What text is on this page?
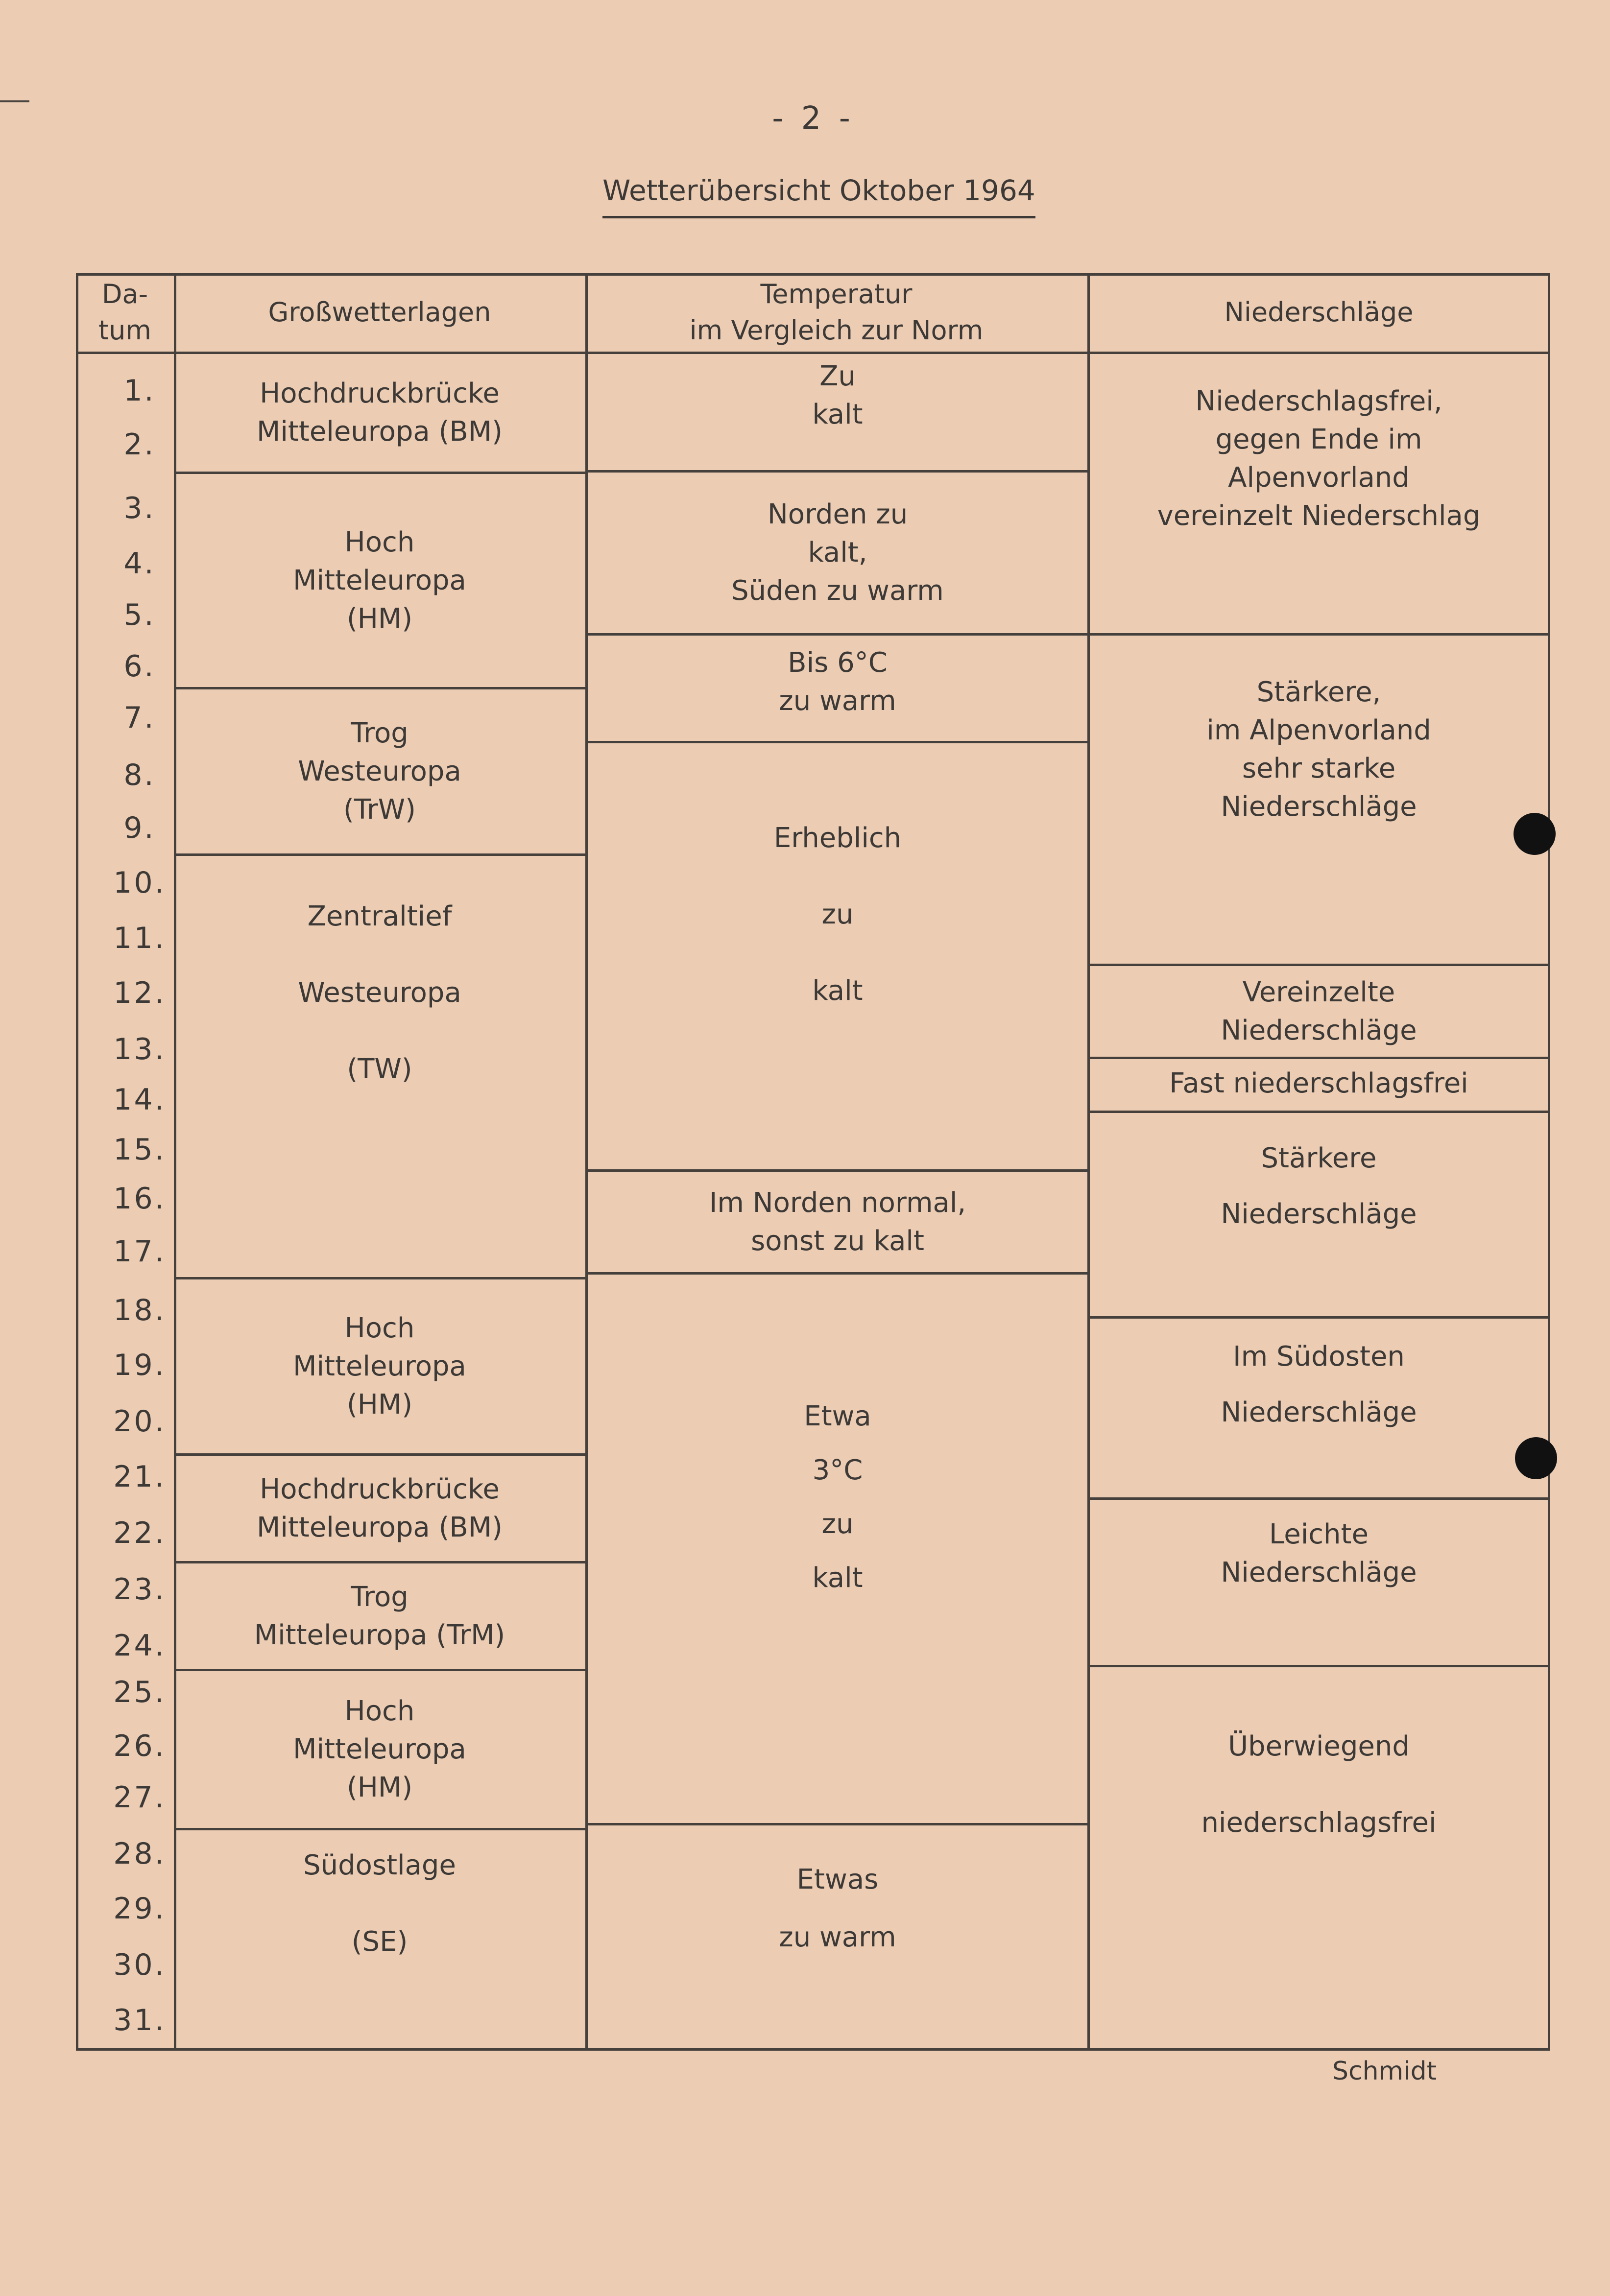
- 2 -
Wetterübersicht Oktober 1964
Da-
tum
Großwetterlagen
Temperatur
im Vergleich zur Norm
Niederschläge
1.
2.
3.
4.
5.
6.
7.
8.
9.
10.
11.
12.
13.
14.
15.
16.
17.
18.
19.
20.
21.
22.
23.
24.
25.
26.
27.
28.
29.
30.
31.
Hochdruckbrücke
Mitteleuropa (BM)
Hoch
Mitteleuropa
(HM)
Trog
Westeuropa
(TrW)
Zentraltief
Westeuropa
(TW)
Hoch
Mitteleuropa
(HM)
Hochdruckbrücke
Mitteleuropa (BM)
Trog
Mitteleuropa (TrM)
Hoch
Mitteleuropa
(HM)
Südostlage
(SE)
Zu
kalt
Norden zu
kalt,
Süden zu warm
Bis 6°C
zu warm
Erheblich
zu
kalt
Im Norden normal,
sonst zu kalt
Etwa
3°C
zu
kalt
Etwas
zu warm
Niederschlagsfrei,
gegen Ende im
Alpenvorland
vereinzelt Niederschlag
Stärkere,
im Alpenvorland
sehr starke
Niederschläge
Vereinzelte
Niederschläge
Fast niederschlagsfrei
Stärkere
Niederschläge
Im Südosten
Niederschläge
Leichte
Niederschläge
Überwiegend
niederschlagsfrei
Schmidt
